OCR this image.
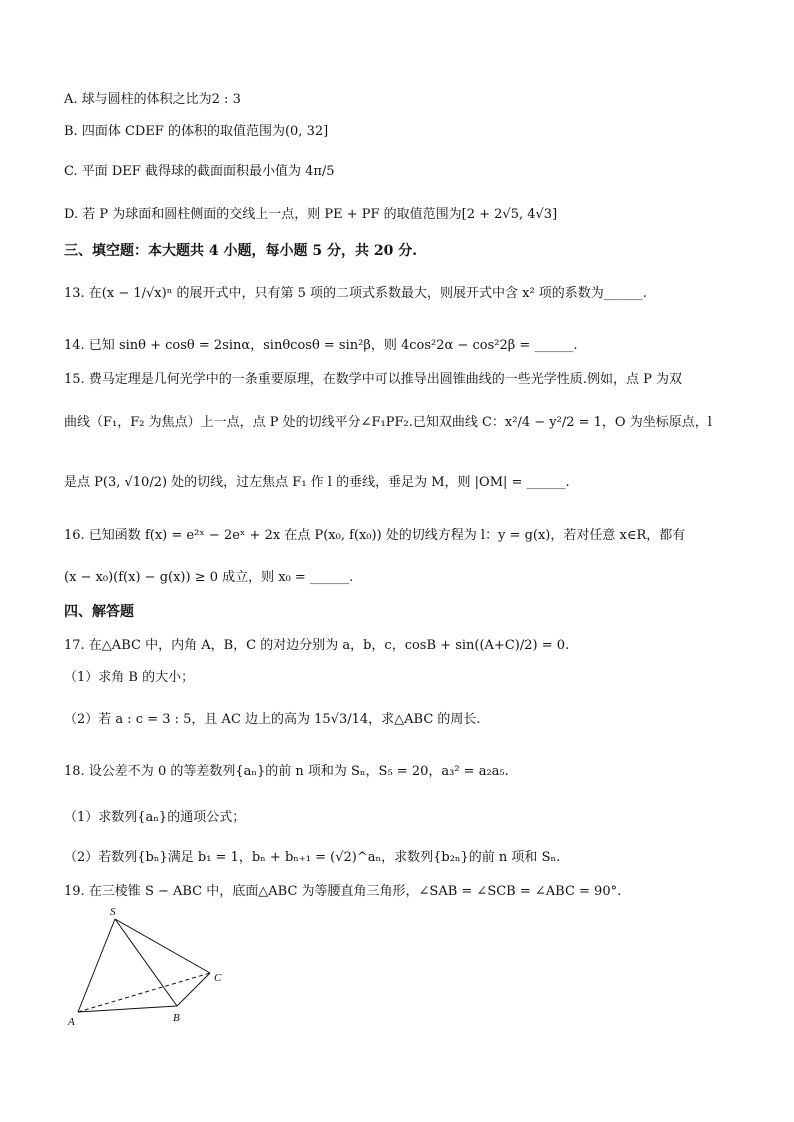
A. 球与圆柱的体积之比为2 : 3
B. 四面体 CDEF 的体积的取值范围为(0, 32]
C. 平面 DEF 截得球的截面面积最小值为 4π/5
D. 若 P 为球面和圆柱侧面的交线上一点，则 PE + PF 的取值范围为[2 + 2√5, 4√3]
三、填空题：本大题共 4 小题，每小题 5 分，共 20 分.
13. 在(x − 1/√x)ⁿ 的展开式中，只有第 5 项的二项式系数最大，则展开式中含 x² 项的系数为______.
14. 已知 sinθ + cosθ = 2sinα，sinθcosθ = sin²β，则 4cos²2α − cos²2β = ______.
15. 费马定理是几何光学中的一条重要原理，在数学中可以推导出圆锥曲线的一些光学性质.例如，点 P 为双
曲线（F₁，F₂ 为焦点）上一点，点 P 处的切线平分∠F₁PF₂.已知双曲线 C：x²/4 − y²/2 = 1，O 为坐标原点，l
是点 P(3, √10/2) 处的切线，过左焦点 F₁ 作 l 的垂线，垂足为 M，则 |OM| = ______.
16. 已知函数 f(x) = e²ˣ − 2eˣ + 2x 在点 P(x₀, f(x₀)) 处的切线方程为 l：y = g(x)，若对任意 x∈R，都有
(x − x₀)(f(x) − g(x)) ≥ 0 成立，则 x₀ = ______.
四、解答题
17. 在△ABC 中，内角 A，B，C 的对边分别为 a，b，c，cosB + sin((A+C)/2) = 0.
（1）求角 B 的大小；
（2）若 a : c = 3 : 5，且 AC 边上的高为 15√3/14，求△ABC 的周长.
18. 设公差不为 0 的等差数列{aₙ}的前 n 项和为 Sₙ，S₅ = 20，a₃² = a₂a₅.
（1）求数列{aₙ}的通项公式；
（2）若数列{bₙ}满足 b₁ = 1，bₙ + bₙ₊₁ = (√2)^aₙ，求数列{b₂ₙ}的前 n 项和 Sₙ.
19. 在三棱锥 S − ABC 中，底面△ABC 为等腰直角三角形，∠SAB = ∠SCB = ∠ABC = 90°.
S
A	B
C
